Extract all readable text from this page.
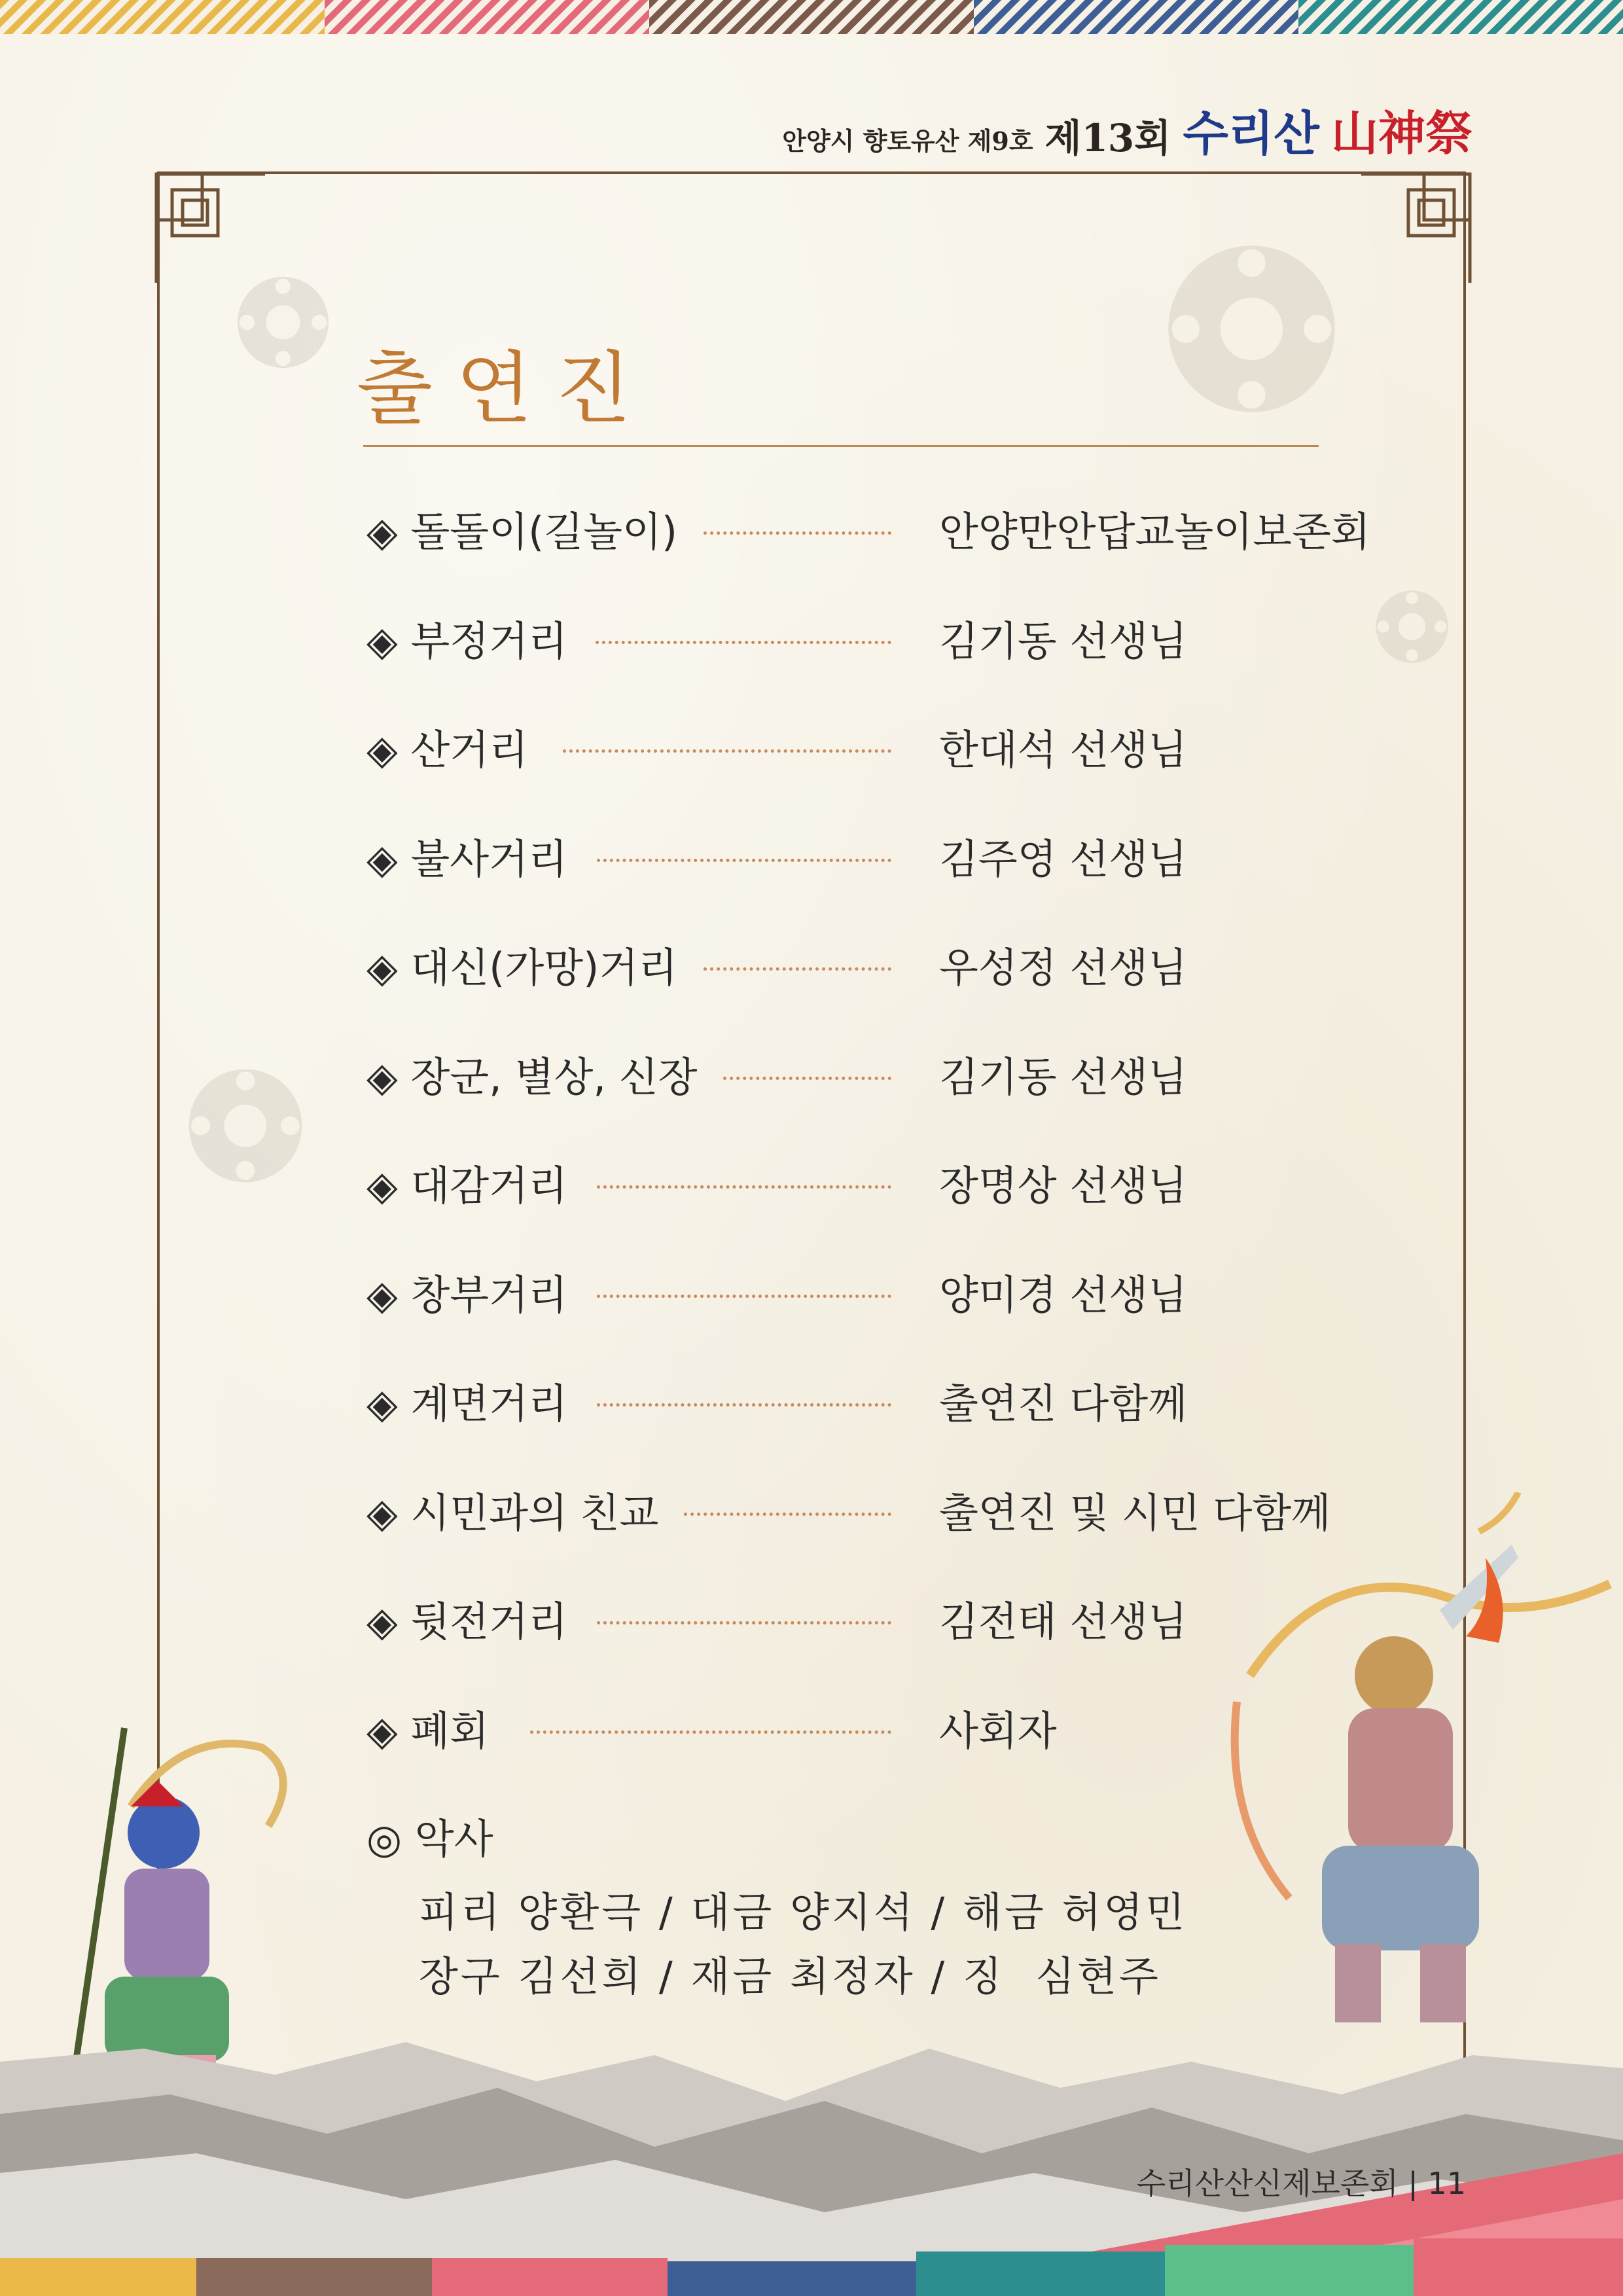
안양시 향토유산 제9호 제13회 수리산 山神祭
출연진
◈ 돌돌이(길놀이)	안양만안답교놀이보존회
◈ 부정거리	김기동 선생님
◈ 산거리	한대석 선생님
◈ 불사거리	김주영 선생님
◈ 대신(가망)거리	우성정 선생님
◈ 장군, 별상, 신장	김기동 선생님
◈ 대감거리	장명상 선생님
◈ 창부거리	양미경 선생님
◈ 계면거리	출연진 다함께
◈ 시민과의 친교	출연진 및 시민 다함께
◈ 뒷전거리	김전태 선생님
◈ 폐회	사회자
◎ 악사
피리 양환극 / 대금 양지석 / 해금 허영민
장구 김선희 / 재금 최정자 / 징  심현주
수리산산신제보존회 | 11
